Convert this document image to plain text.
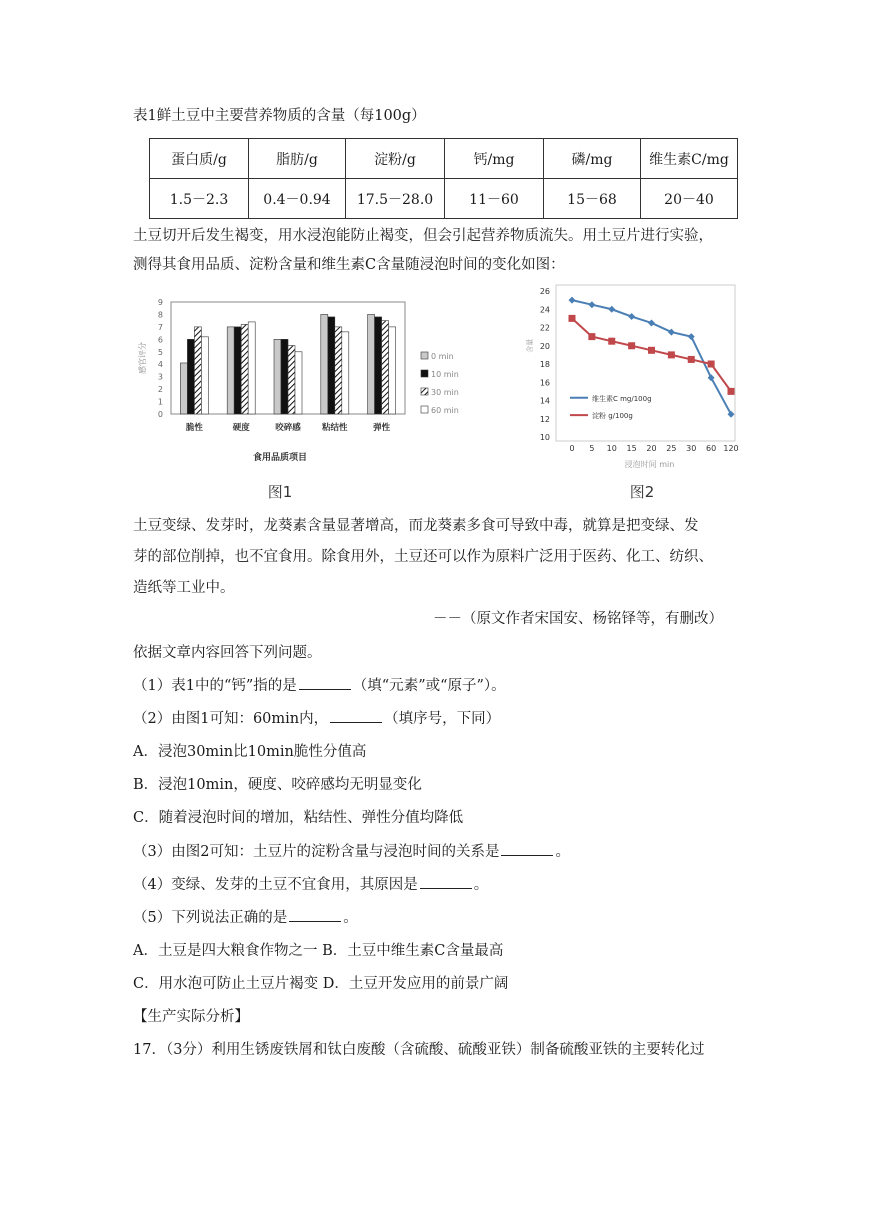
表1鲜土豆中主要营养物质的含量（每100g）
蛋白质/g	脂肪/g	淀粉/g	钙/mg	磷/mg	维生素C/mg
1.5－2.3	0.4－0.94	17.5－28.0	11－60	15－68	20－40
土豆切开后发生褐变，用水浸泡能防止褐变，但会引起营养物质流失。用土豆片进行实验，
测得其食用品质、淀粉含量和维生素C含量随浸泡时间的变化如图：
0
1
2
3
4
5
6
7
8
9
感官评分
脆性	硬度	咬碎感	粘结性	弹性
食用品质项目
0 min
10 min
30 min
60 min
图1
10
12
14
16
18
20
22
24
26
0 5 10 15 20 25 30 60 120
浸泡时间 min
含量
维生素C mg/100g
淀粉 g/100g
图2
土豆变绿、发芽时，龙葵素含量显著增高，而龙葵素多食可导致中毒，就算是把变绿、发
芽的部位削掉，也不宜食用。除食用外，土豆还可以作为原料广泛用于医药、化工、纺织、
造纸等工业中。
－－（原文作者宋国安、杨铭铎等，有删改）
依据文章内容回答下列问题。
（1）表1中的“钙”指的是	（填“元素”或“原子”）。
（2）由图1可知：60min内，	（填序号，下同）
A．浸泡30min比10min脆性分值高
B．浸泡10min，硬度、咬碎感均无明显变化
C．随着浸泡时间的增加，粘结性、弹性分值均降低
（3）由图2可知：土豆片的淀粉含量与浸泡时间的关系是	。
（4）变绿、发芽的土豆不宜食用，其原因是	。
（5）下列说法正确的是	。
A．土豆是四大粮食作物之一 B．土豆中维生素C含量最高
C．用水泡可防止土豆片褐变 D．土豆开发应用的前景广阔
【生产实际分析】
17．（3分）利用生锈废铁屑和钛白废酸（含硫酸、硫酸亚铁）制备硫酸亚铁的主要转化过
